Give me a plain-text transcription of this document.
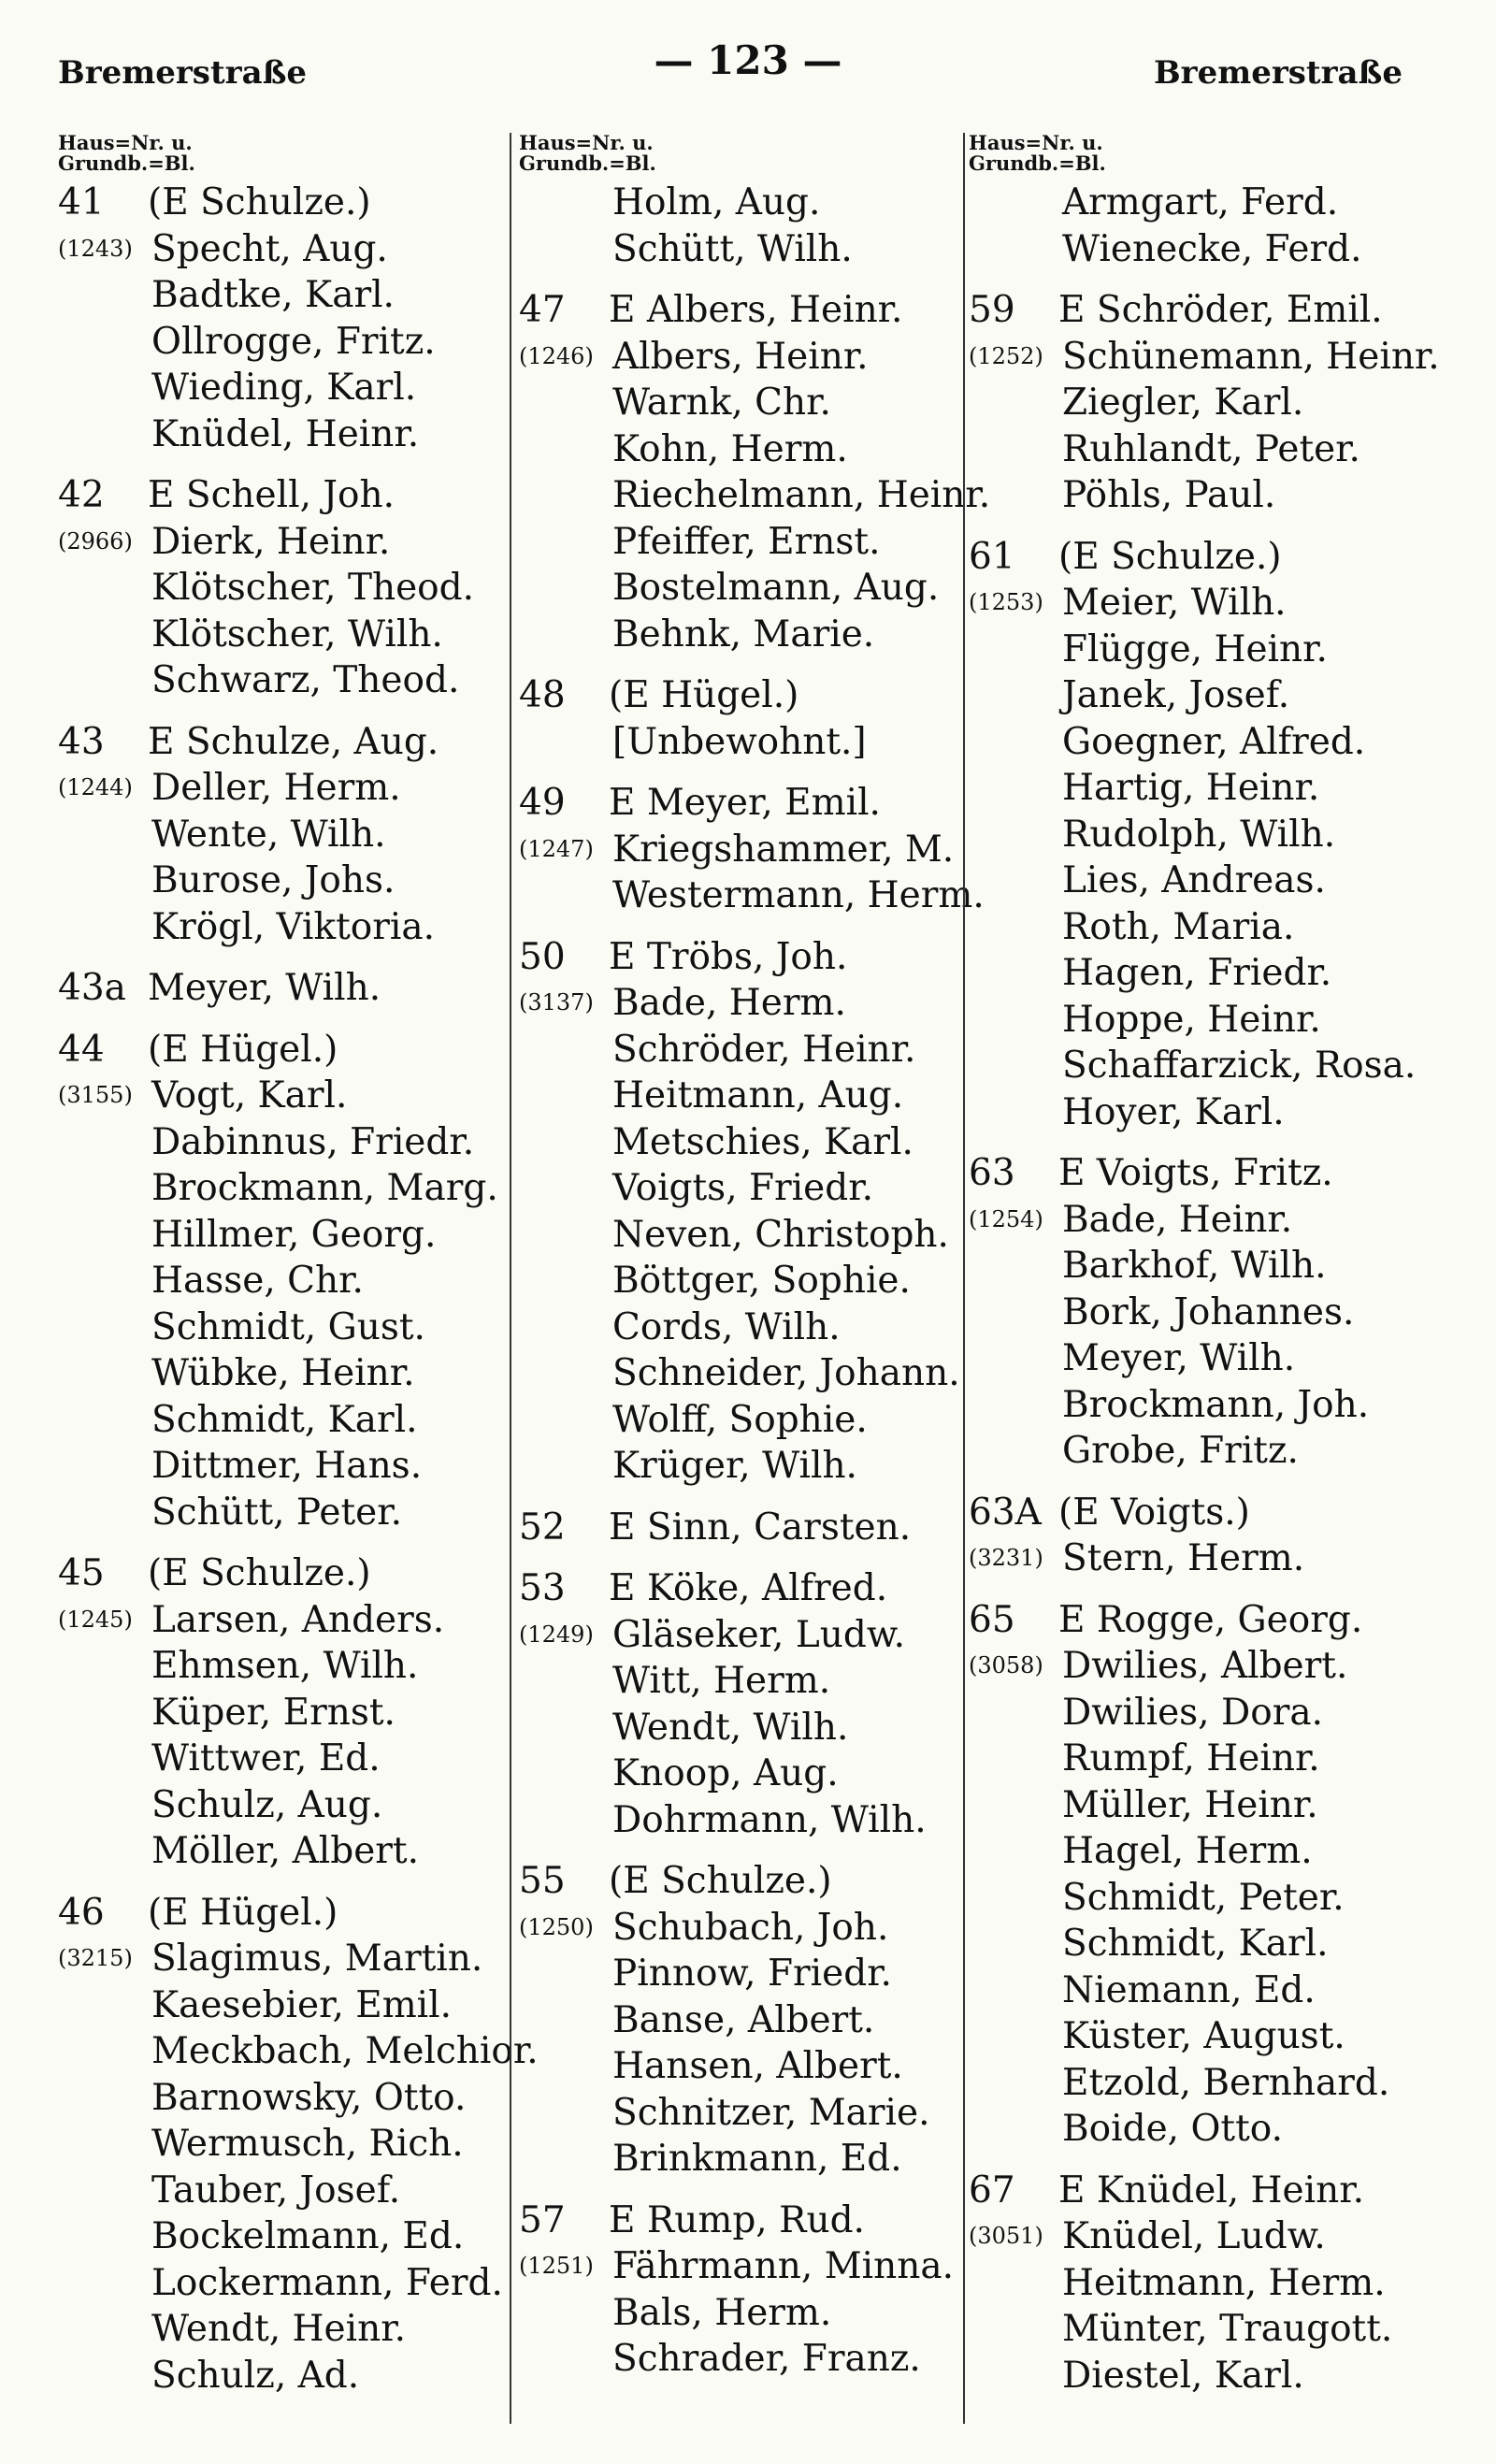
Bremerstraße	— 123 —	Bremerstraße
Haus=Nr. u.
Grundb.=Bl.
41 (E Schulze.)
(1243) Specht, Aug.
Badtke, Karl.
Ollrogge, Fritz.
Wieding, Karl.
Knüdel, Heinr.
42 E Schell, Joh.
(2966) Dierk, Heinr.
Klötscher, Theod.
Klötscher, Wilh.
Schwarz, Theod.
43 E Schulze, Aug.
(1244) Deller, Herm.
Wente, Wilh.
Burose, Johs.
Krögl, Viktoria.
43a Meyer, Wilh.
44 (E Hügel.)
(3155) Vogt, Karl.
Dabinnus, Friedr.
Brockmann, Marg.
Hillmer, Georg.
Hasse, Chr.
Schmidt, Gust.
Wübke, Heinr.
Schmidt, Karl.
Dittmer, Hans.
Schütt, Peter.
45 (E Schulze.)
(1245) Larsen, Anders.
Ehmsen, Wilh.
Küper, Ernst.
Wittwer, Ed.
Schulz, Aug.
Möller, Albert.
46 (E Hügel.)
(3215) Slagimus, Martin.
Kaesebier, Emil.
Meckbach, Melchior.
Barnowsky, Otto.
Wermusch, Rich.
Tauber, Josef.
Bockelmann, Ed.
Lockermann, Ferd.
Wendt, Heinr.
Schulz, Ad.
Haus=Nr. u.
Grundb.=Bl.
Holm, Aug.
Schütt, Wilh.
47 E Albers, Heinr.
(1246) Albers, Heinr.
Warnk, Chr.
Kohn, Herm.
Riechelmann, Heinr.
Pfeiffer, Ernst.
Bostelmann, Aug.
Behnk, Marie.
48 (E Hügel.)
[Unbewohnt.]
49 E Meyer, Emil.
(1247) Kriegshammer, M.
Westermann, Herm.
50 E Tröbs, Joh.
(3137) Bade, Herm.
Schröder, Heinr.
Heitmann, Aug.
Metschies, Karl.
Voigts, Friedr.
Neven, Christoph.
Böttger, Sophie.
Cords, Wilh.
Schneider, Johann.
Wolff, Sophie.
Krüger, Wilh.
52 E Sinn, Carsten.
53 E Köke, Alfred.
(1249) Gläseker, Ludw.
Witt, Herm.
Wendt, Wilh.
Knoop, Aug.
Dohrmann, Wilh.
55 (E Schulze.)
(1250) Schubach, Joh.
Pinnow, Friedr.
Banse, Albert.
Hansen, Albert.
Schnitzer, Marie.
Brinkmann, Ed.
57 E Rump, Rud.
(1251) Fährmann, Minna.
Bals, Herm.
Schrader, Franz.
Haus=Nr. u.
Grundb.=Bl.
Armgart, Ferd.
Wienecke, Ferd.
59 E Schröder, Emil.
(1252) Schünemann, Heinr.
Ziegler, Karl.
Ruhlandt, Peter.
Pöhls, Paul.
61 (E Schulze.)
(1253) Meier, Wilh.
Flügge, Heinr.
Janek, Josef.
Goegner, Alfred.
Hartig, Heinr.
Rudolph, Wilh.
Lies, Andreas.
Roth, Maria.
Hagen, Friedr.
Hoppe, Heinr.
Schaffarzick, Rosa.
Hoyer, Karl.
63 E Voigts, Fritz.
(1254) Bade, Heinr.
Barkhof, Wilh.
Bork, Johannes.
Meyer, Wilh.
Brockmann, Joh.
Grobe, Fritz.
63A (E Voigts.)
(3231) Stern, Herm.
65 E Rogge, Georg.
(3058) Dwilies, Albert.
Dwilies, Dora.
Rumpf, Heinr.
Müller, Heinr.
Hagel, Herm.
Schmidt, Peter.
Schmidt, Karl.
Niemann, Ed.
Küster, August.
Etzold, Bernhard.
Boide, Otto.
67 E Knüdel, Heinr.
(3051) Knüdel, Ludw.
Heitmann, Herm.
Münter, Traugott.
Diestel, Karl.
